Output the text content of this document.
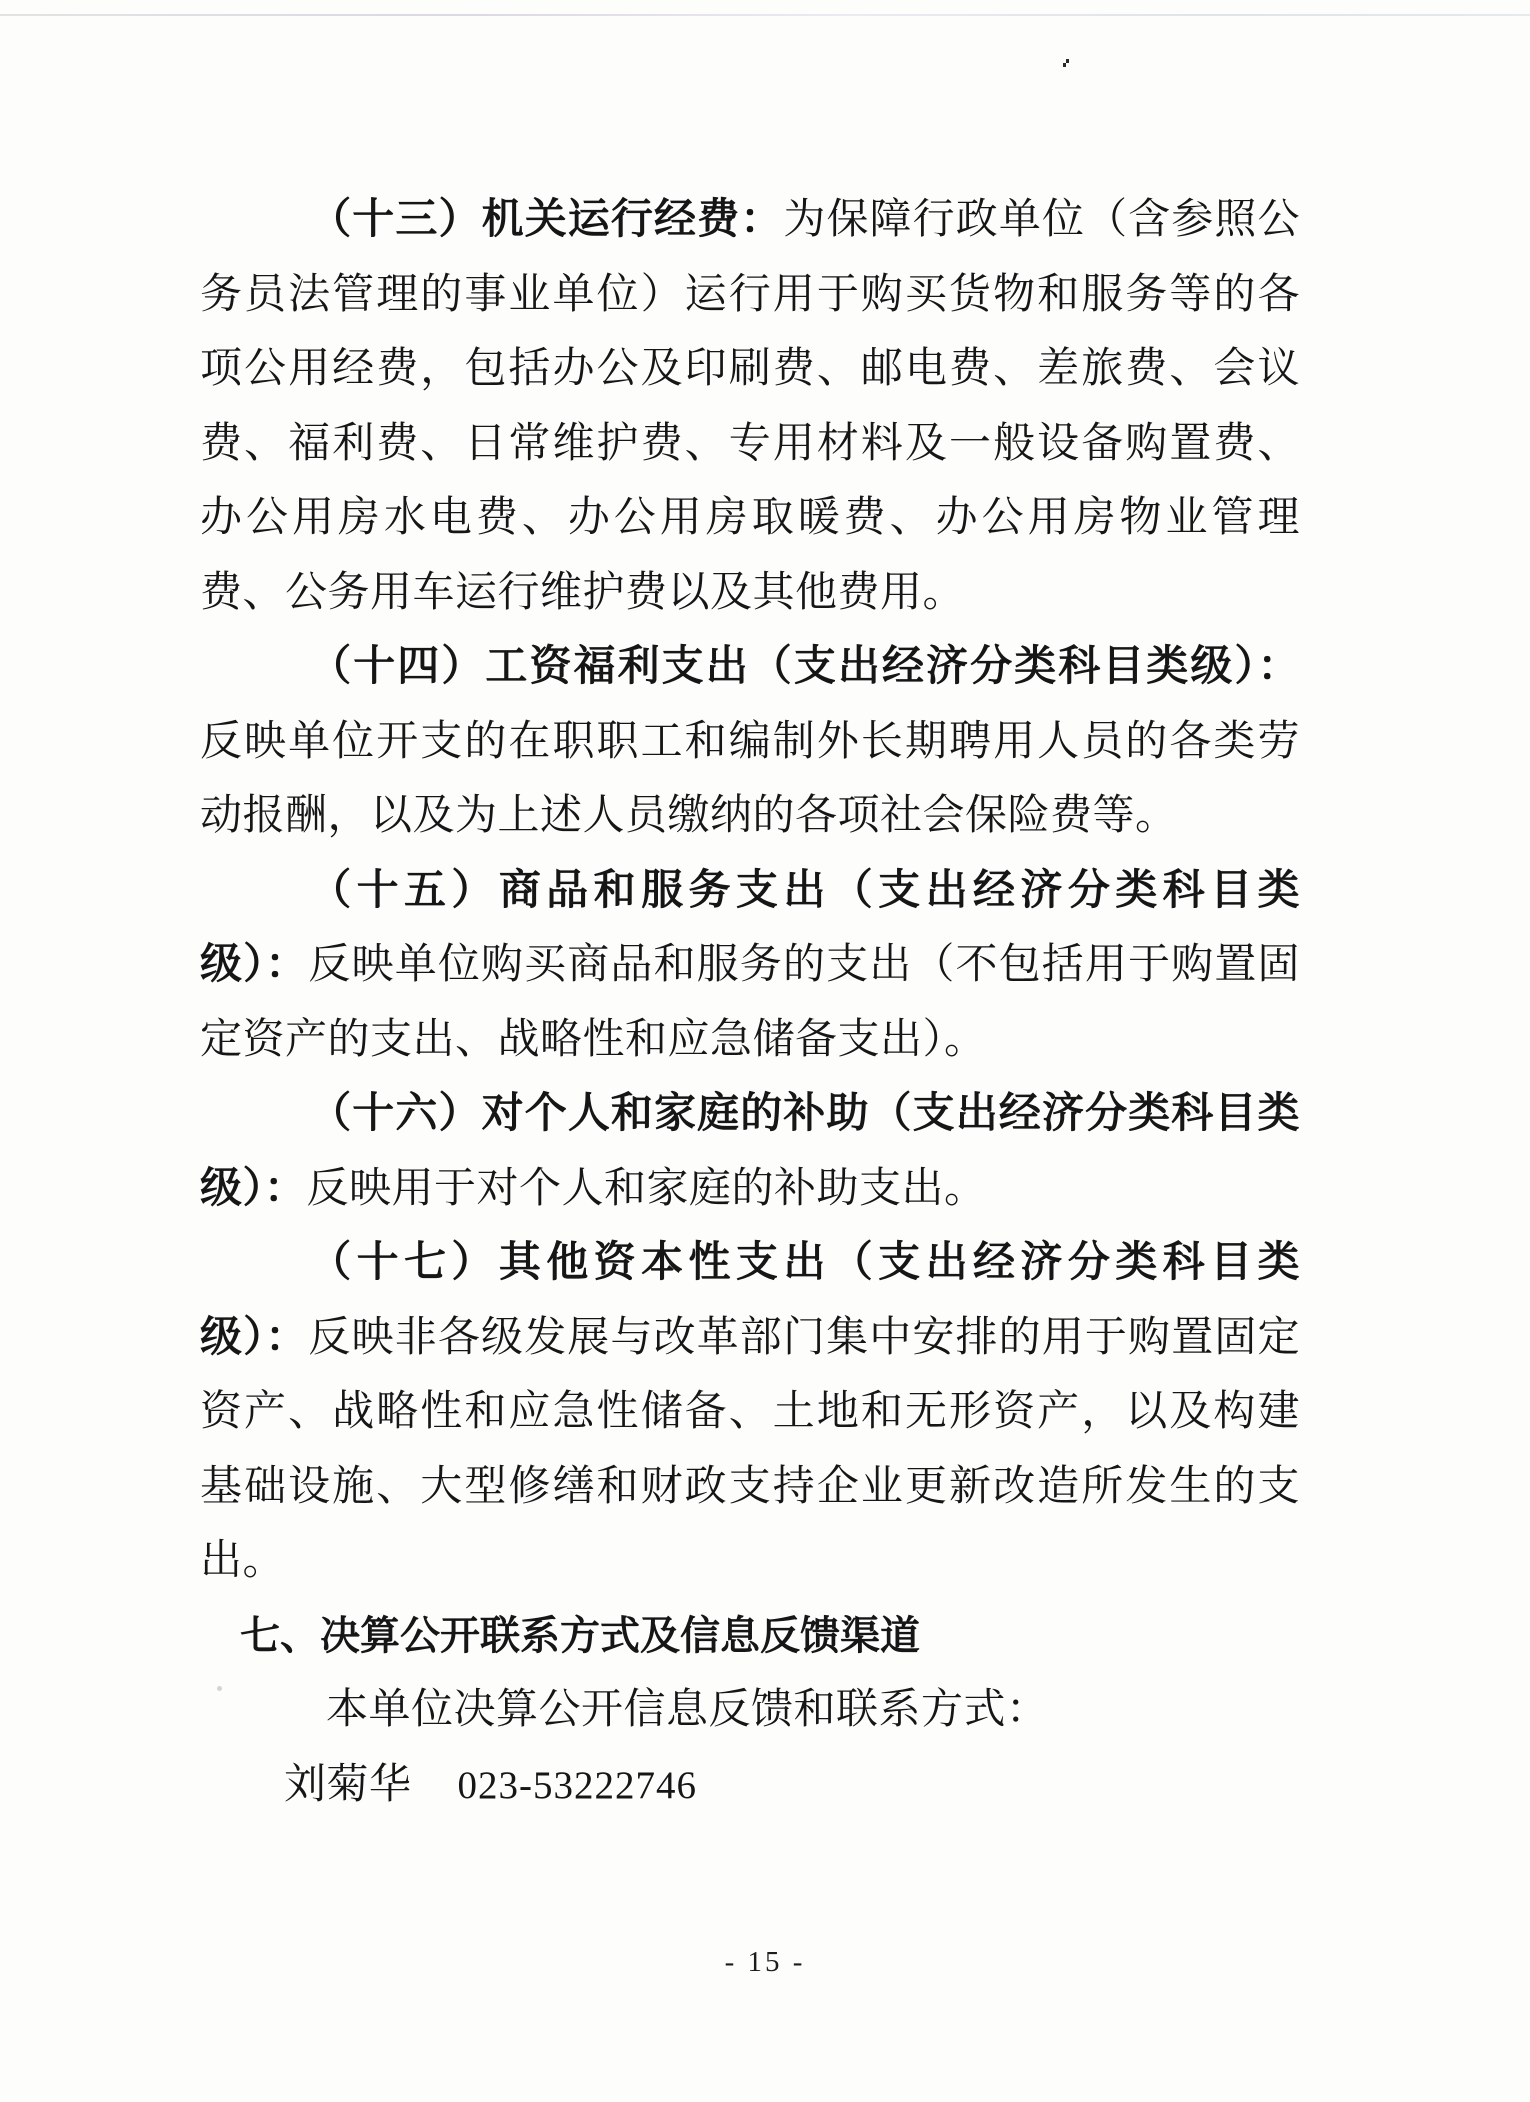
（十三）机关运行经费：为保障行政单位（含参照公务员法管理的事业单位）运行用于购买货物和服务等的各项公用经费，包括办公及印刷费、邮电费、差旅费、会议费、福利费、日常维护费、专用材料及一般设备购置费、办公用房水电费、办公用房取暖费、办公用房物业管理费、公务用车运行维护费以及其他费用。

（十四）工资福利支出（支出经济分类科目类级）：反映单位开支的在职职工和编制外长期聘用人员的各类劳动报酬，以及为上述人员缴纳的各项社会保险费等。

（十五）商品和服务支出（支出经济分类科目类级）：反映单位购买商品和服务的支出（不包括用于购置固定资产的支出、战略性和应急储备支出）。

（十六）对个人和家庭的补助（支出经济分类科目类级）：反映用于对个人和家庭的补助支出。

（十七）其他资本性支出（支出经济分类科目类级）：反映非各级发展与改革部门集中安排的用于购置固定资产、战略性和应急性储备、土地和无形资产，以及构建基础设施、大型修缮和财政支持企业更新改造所发生的支出。

七、决算公开联系方式及信息反馈渠道

本单位决算公开信息反馈和联系方式：

刘菊华 023-53222746

- 15 -
